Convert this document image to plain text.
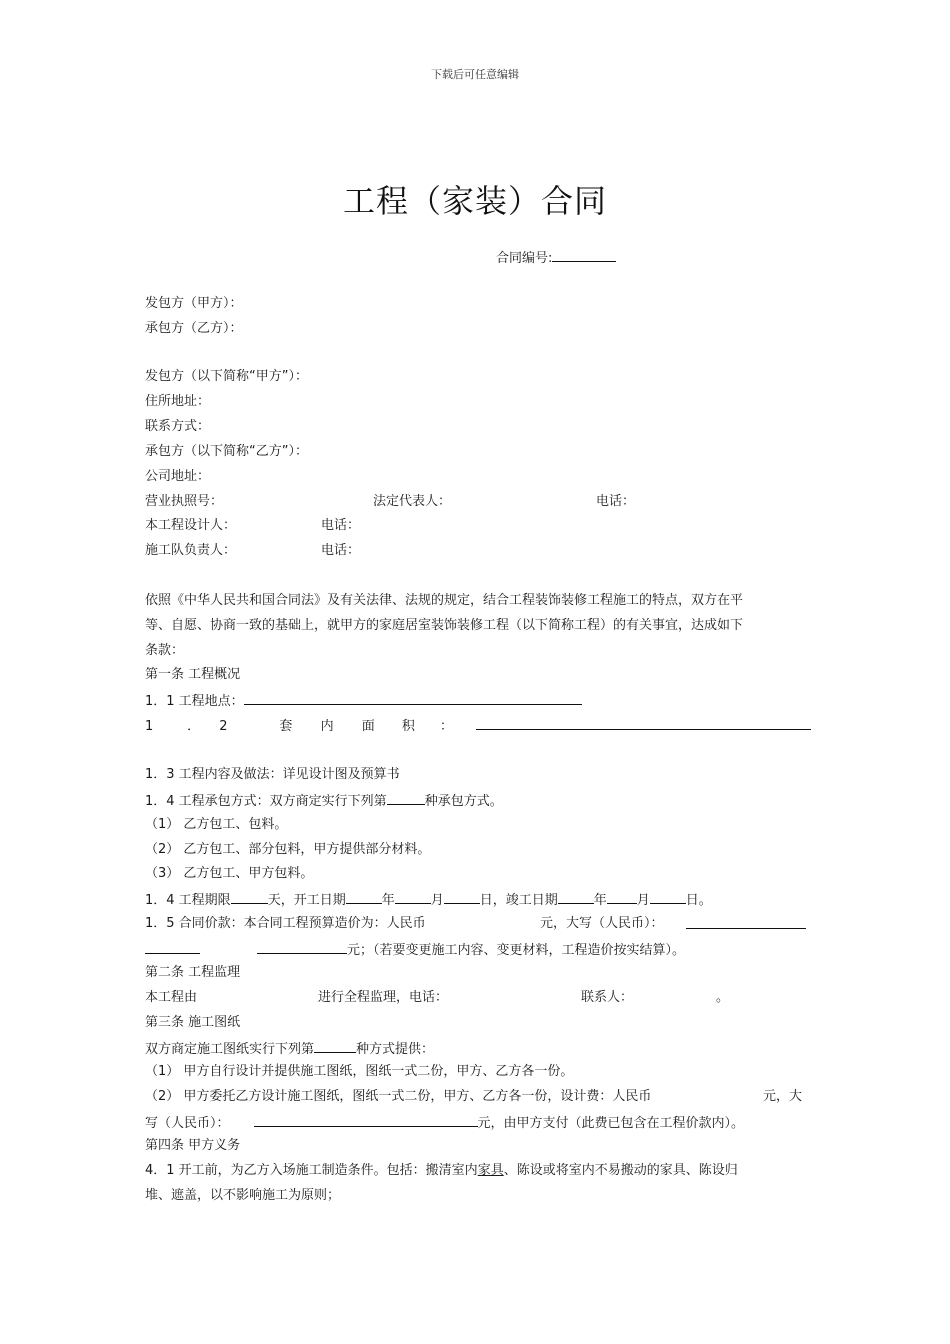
下载后可任意编辑
工程（家装）合同
合同编号:
发包方（甲方）：
承包方（乙方）：
发包方（以下简称“甲方”）：
住所地址：
联系方式：
承包方（以下简称“乙方”）：
公司地址：
营业执照号：	法定代表人：	电话：
本工程设计人：	电话：
施工队负责人：	电话：
依照《中华人民共和国合同法》及有关法律、法规的规定，结合工程装饰装修工程施工的特点，双方在平
等、自愿、协商一致的基础上，就甲方的家庭居室装饰装修工程（以下简称工程）的有关事宜，达成如下
条款：
第一条 工程概况
1．1 工程地点：
1	． 2	套 内 面 积 ：
1．3 工程内容及做法：详见设计图及预算书
1．4 工程承包方式：双方商定实行下列第	种承包方式。
（1） 乙方包工、包料。
（2） 乙方包工、部分包料，甲方提供部分材料。
（3） 乙方包工、甲方包料。
1．4 工程期限	天，开工日期	年	月	日，竣工日期	年 月	日。
1．5 合同价款：本合同工程预算造价为：人民币	元，大写（人民币）：
元；（若要变更施工内容、变更材料，工程造价按实结算）。
第二条 工程监理
本工程由	进行全程监理，电话：	联系人：	。
第三条 施工图纸
双方商定施工图纸实行下列第	种方式提供：
（1） 甲方自行设计并提供施工图纸，图纸一式二份，甲方、乙方各一份。
（2） 甲方委托乙方设计施工图纸，图纸一式二份，甲方、乙方各一份，设计费：人民币	元，大
写（人民币）：	元，由甲方支付（此费已包含在工程价款内）。
第四条 甲方义务
4．1 开工前，为乙方入场施工制造条件。包括：搬清室内家具、陈设或将室内不易搬动的家具、陈设归
堆、遮盖，以不影响施工为原则；
